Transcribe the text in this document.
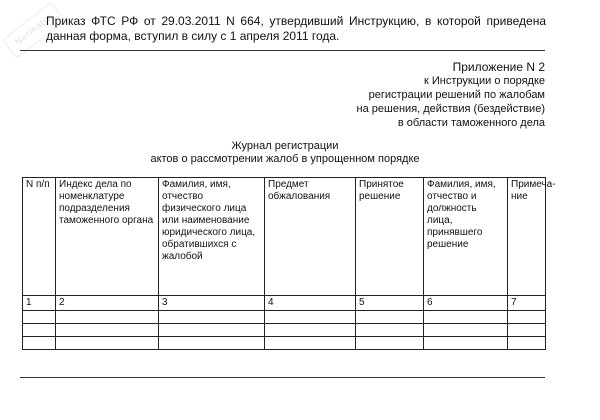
Normativ
Приказ ФТС РФ от 29.03.2011 N 664, утвердивший Инструкцию, в которой приведена данная форма, вступил в силу с 1 апреля 2011 года.
Приложение N 2
к Инструкции о порядке
регистрации решений по жалобам
на решения, действия (бездействие)
в области таможенного дела
Журнал регистрации
актов о рассмотрении жалоб в упрощенном порядке
N п/п	Индекс дела по номенклатуре подразделения таможенного органа	Фамилия, имя, отчество физического лица или наименование юридического лица, обратившихся с жалобой	Предмет обжалования	Принятое решение	Фамилия, имя, отчество и должность лица, принявшего решение	Примеча- ние
1	2	3	4	5	6	7
